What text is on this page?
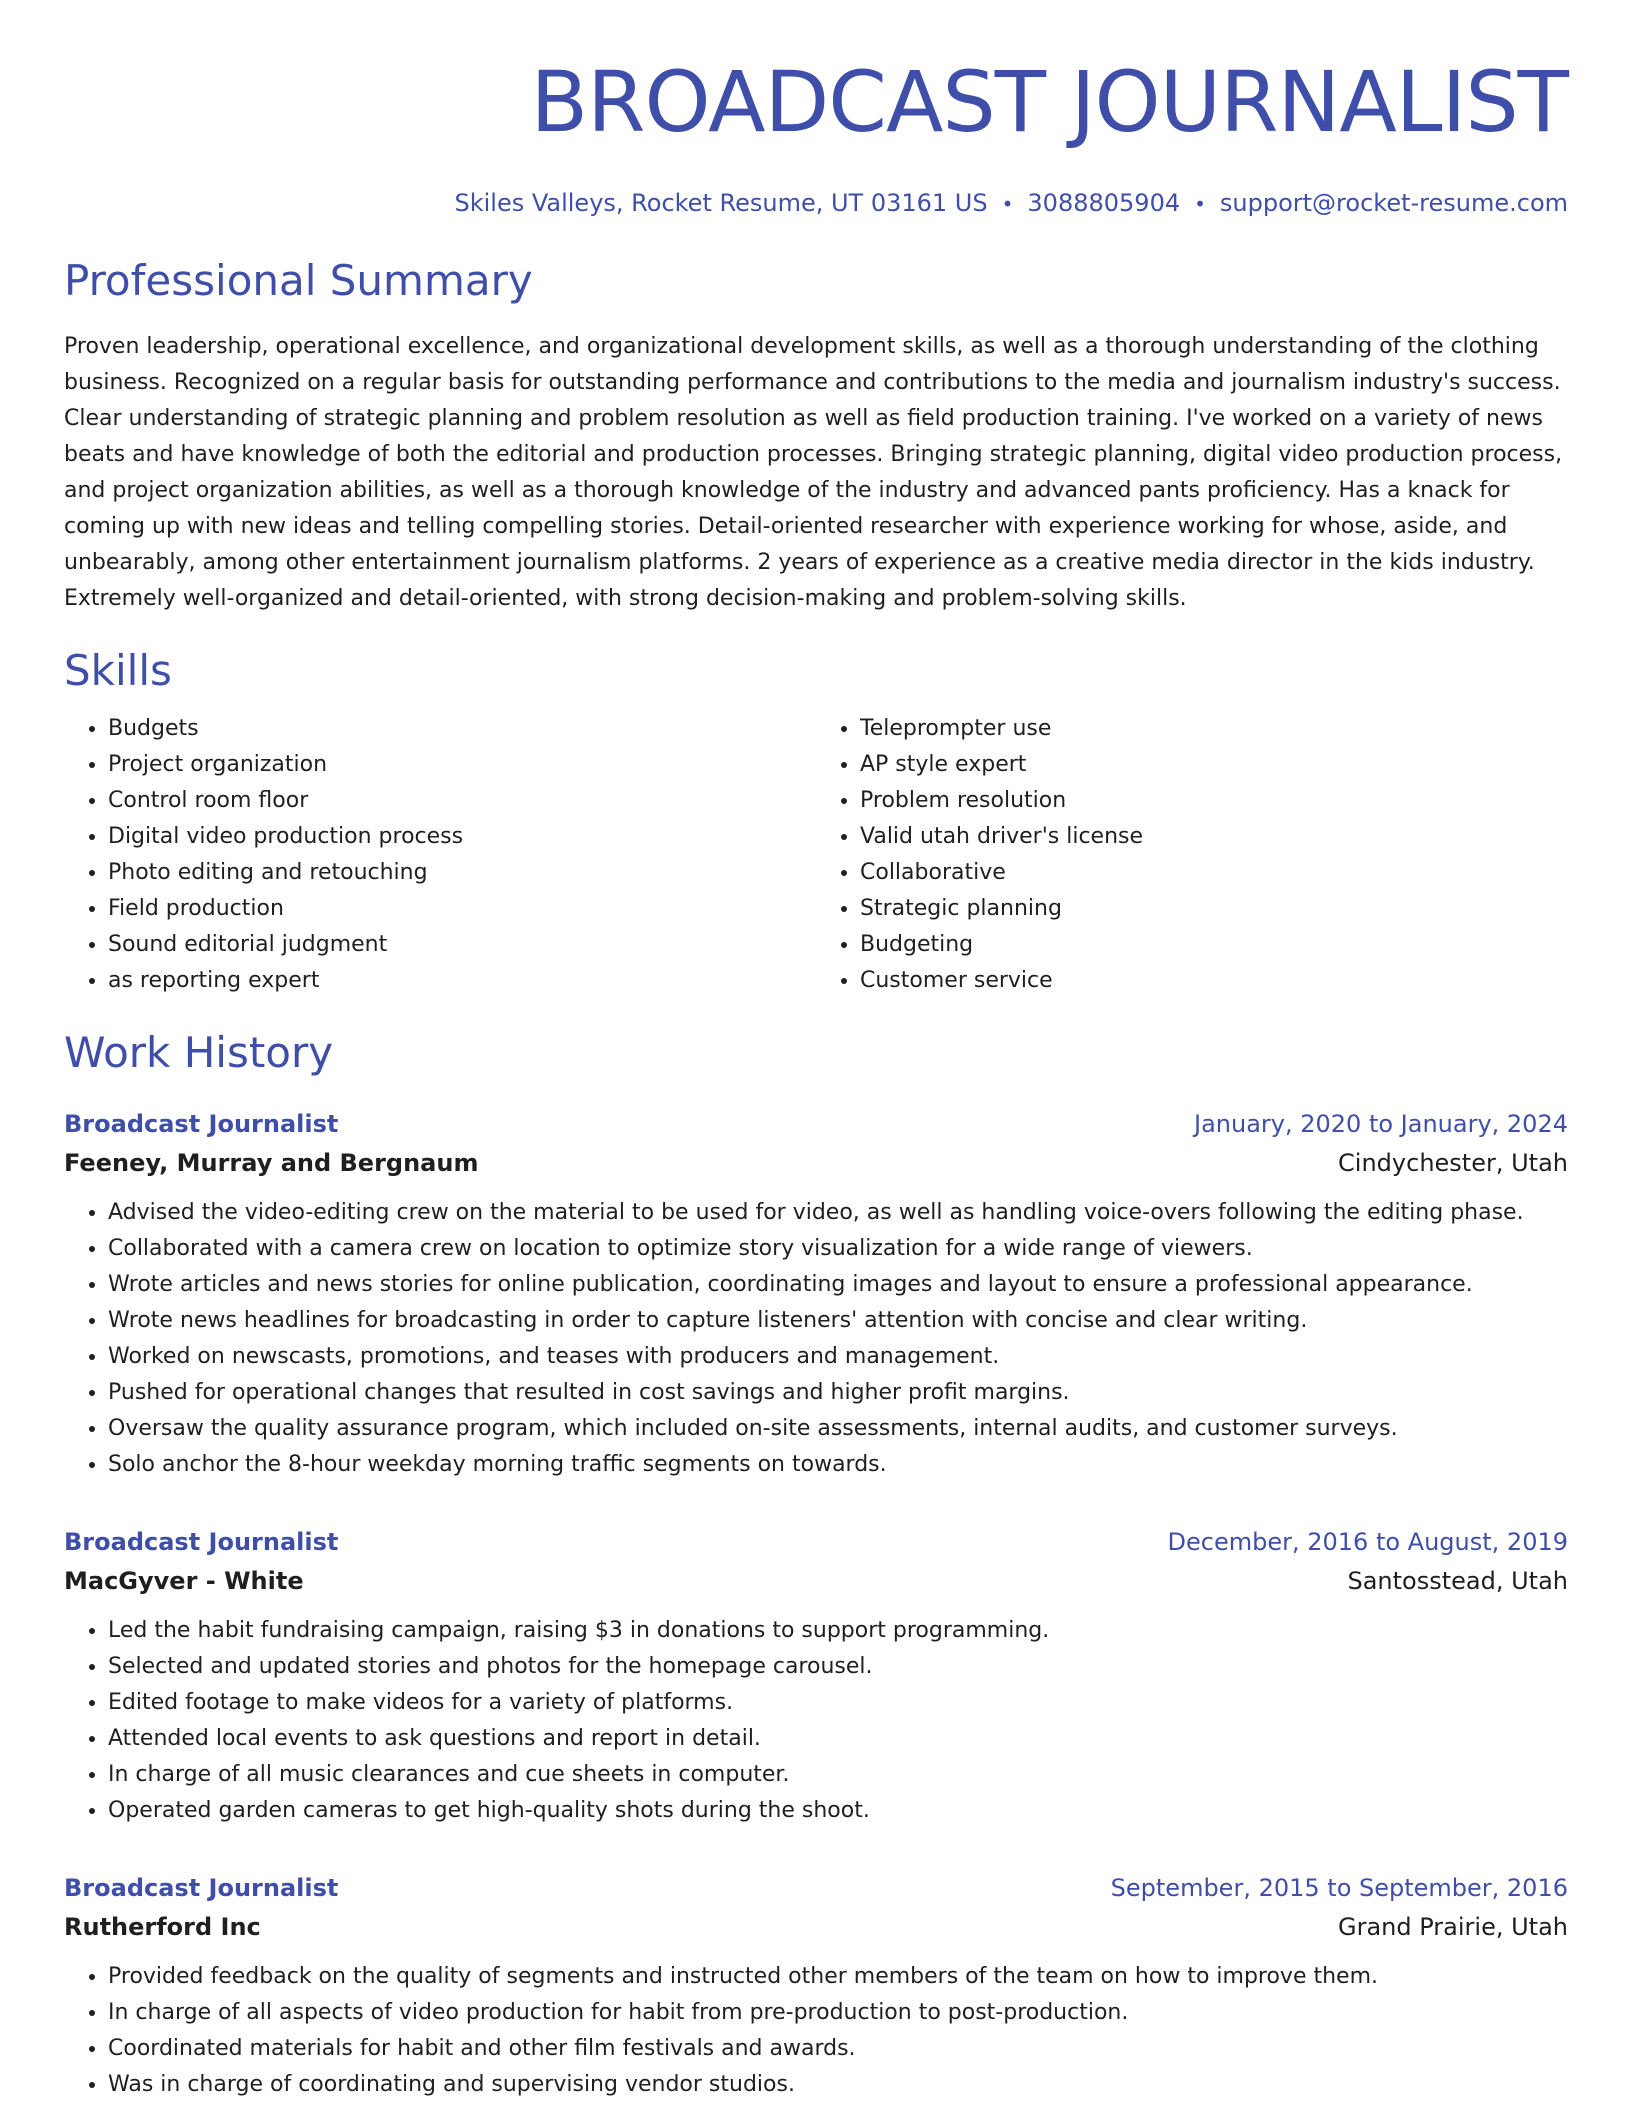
BROADCAST JOURNALIST
Skiles Valleys, Rocket Resume, UT 03161 US • 3088805904 • support@rocket-resume.com
Professional Summary

Proven leadership, operational excellence, and organizational development skills, as well as a thorough understanding of the clothing business. Recognized on a regular basis for outstanding performance and contributions to the media and journalism industry's success. Clear understanding of strategic planning and problem resolution as well as field production training. I've worked on a variety of news beats and have knowledge of both the editorial and production processes. Bringing strategic planning, digital video production process, and project organization abilities, as well as a thorough knowledge of the industry and advanced pants proficiency. Has a knack for coming up with new ideas and telling compelling stories. Detail-oriented researcher with experience working for whose, aside, and unbearably, among other entertainment journalism platforms. 2 years of experience as a creative media director in the kids industry. Extremely well-organized and detail-oriented, with strong decision-making and problem-solving skills.

Skills
• Budgets
• Project organization
• Control room floor
• Digital video production process
• Photo editing and retouching
• Field production
• Sound editorial judgment
• as reporting expert
• Teleprompter use
• AP style expert
• Problem resolution
• Valid utah driver's license
• Collaborative
• Strategic planning
• Budgeting
• Customer service
Work History
Broadcast Journalist	January, 2020 to January, 2024
Feeney, Murray and Bergnaum	Cindychester, Utah
• Advised the video-editing crew on the material to be used for video, as well as handling voice-overs following the editing phase.
• Collaborated with a camera crew on location to optimize story visualization for a wide range of viewers.
• Wrote articles and news stories for online publication, coordinating images and layout to ensure a professional appearance.
• Wrote news headlines for broadcasting in order to capture listeners' attention with concise and clear writing.
• Worked on newscasts, promotions, and teases with producers and management.
• Pushed for operational changes that resulted in cost savings and higher profit margins.
• Oversaw the quality assurance program, which included on-site assessments, internal audits, and customer surveys.
• Solo anchor the 8-hour weekday morning traffic segments on towards.
Broadcast Journalist	December, 2016 to August, 2019
MacGyver - White	Santosstead, Utah
• Led the habit fundraising campaign, raising $3 in donations to support programming.
• Selected and updated stories and photos for the homepage carousel.
• Edited footage to make videos for a variety of platforms.
• Attended local events to ask questions and report in detail.
• In charge of all music clearances and cue sheets in computer.
• Operated garden cameras to get high-quality shots during the shoot.
Broadcast Journalist	September, 2015 to September, 2016
Rutherford Inc	Grand Prairie, Utah
• Provided feedback on the quality of segments and instructed other members of the team on how to improve them.
• In charge of all aspects of video production for habit from pre-production to post-production.
• Coordinated materials for habit and other film festivals and awards.
• Was in charge of coordinating and supervising vendor studios.
